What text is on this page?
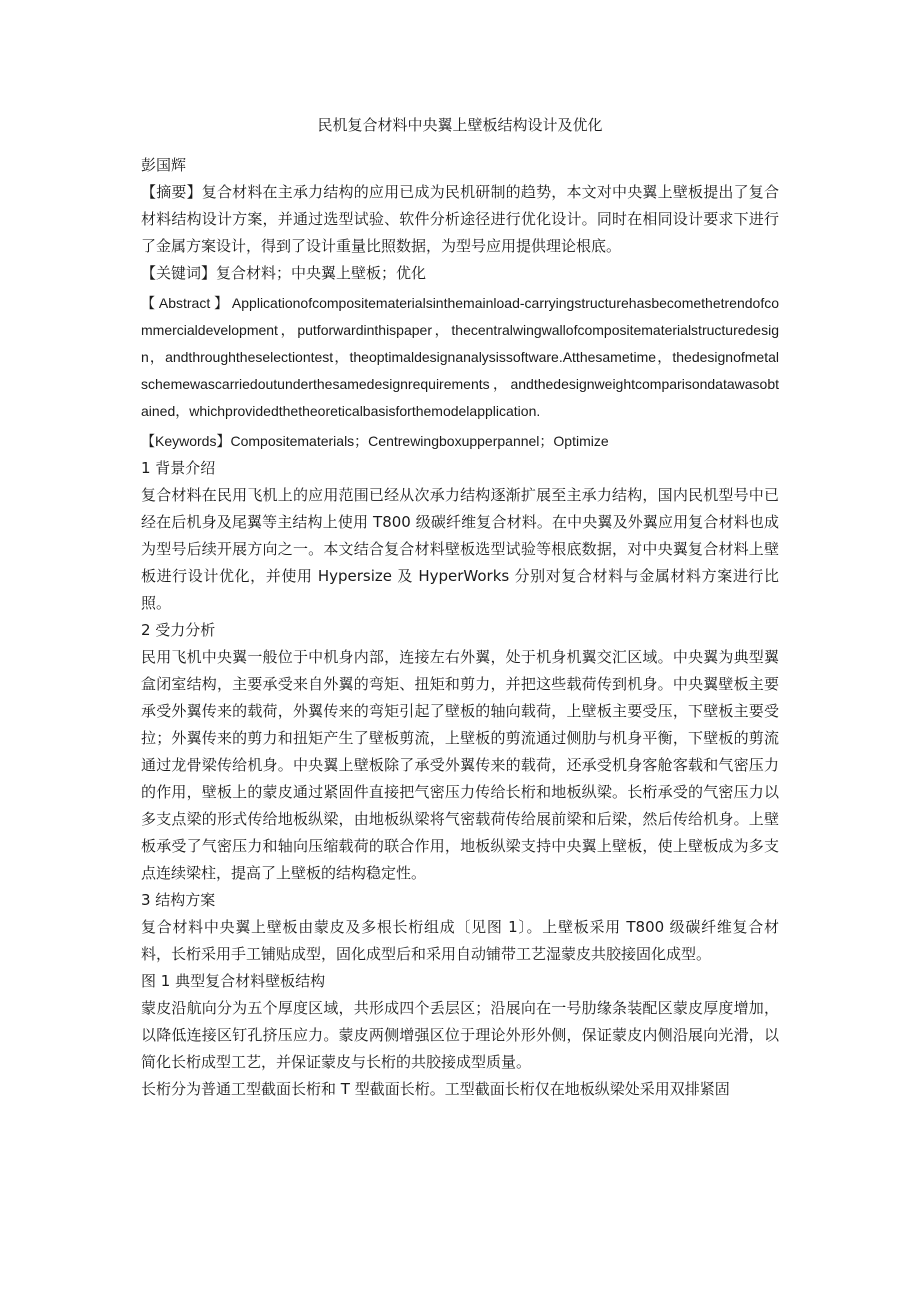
民机复合材料中央翼上壁板结构设计及优化

彭国辉

【摘要】复合材料在主承力结构的应用已成为民机研制的趋势，本文对中央翼上壁板提出了复合材料结构设计方案，并通过选型试验、软件分析途径进行优化设计。同时在相同设计要求下进行了金属方案设计，得到了设计重量比照数据，为型号应用提供理论根底。

【关键词】复合材料；中央翼上壁板；优化

【Abstract】Applicationofcompositematerialsinthemainload-carryingstructurehasbecomethetrendofcommercialdevelopment，putforwardinthispaper，thecentralwingwallofcompositematerialstructuredesign，andthroughtheselectiontest，theoptimaldesignanalysissoftware.Atthesametime，thedesignofmetalschemewascarriedoutunderthesamedesignrequirements，andthedesignweightcomparisondatawasobtained，whichprovidedthetheoreticalbasisforthemodelapplication.

【Keywords】Compositematerials；Centrewingboxupperpannel；Optimize

1 背景介绍

复合材料在民用飞机上的应用范围已经从次承力结构逐渐扩展至主承力结构，国内民机型号中已经在后机身及尾翼等主结构上使用 T800 级碳纤维复合材料。在中央翼及外翼应用复合材料也成为型号后续开展方向之一。本文结合复合材料壁板选型试验等根底数据，对中央翼复合材料上壁板进行设计优化，并使用 Hypersize 及 HyperWorks 分别对复合材料与金属材料方案进行比照。

2 受力分析

民用飞机中央翼一般位于中机身内部，连接左右外翼，处于机身机翼交汇区域。中央翼为典型翼盒闭室结构，主要承受来自外翼的弯矩、扭矩和剪力，并把这些载荷传到机身。中央翼壁板主要承受外翼传来的载荷，外翼传来的弯矩引起了壁板的轴向载荷，上壁板主要受压，下壁板主要受拉；外翼传来的剪力和扭矩产生了壁板剪流，上壁板的剪流通过侧肋与机身平衡，下壁板的剪流通过龙骨梁传给机身。中央翼上壁板除了承受外翼传来的载荷，还承受机身客舱客载和气密压力的作用，壁板上的蒙皮通过紧固件直接把气密压力传给长桁和地板纵梁。长桁承受的气密压力以多支点梁的形式传给地板纵梁，由地板纵梁将气密载荷传给展前梁和后梁，然后传给机身。上壁板承受了气密压力和轴向压缩载荷的联合作用，地板纵梁支持中央翼上壁板，使上壁板成为多支点连续梁柱，提高了上壁板的结构稳定性。

3 结构方案

复合材料中央翼上壁板由蒙皮及多根长桁组成〔见图 1〕。上壁板采用 T800 级碳纤维复合材料，长桁采用手工铺贴成型，固化成型后和采用自动铺带工艺湿蒙皮共胶接固化成型。

图 1 典型复合材料壁板结构

蒙皮沿航向分为五个厚度区域，共形成四个丢层区；沿展向在一号肋缘条装配区蒙皮厚度增加，以降低连接区钉孔挤压应力。蒙皮两侧增强区位于理论外形外侧，保证蒙皮内侧沿展向光滑，以简化长桁成型工艺，并保证蒙皮与长桁的共胶接成型质量。

长桁分为普通工型截面长桁和 T 型截面长桁。工型截面长桁仅在地板纵梁处采用双排紧固
